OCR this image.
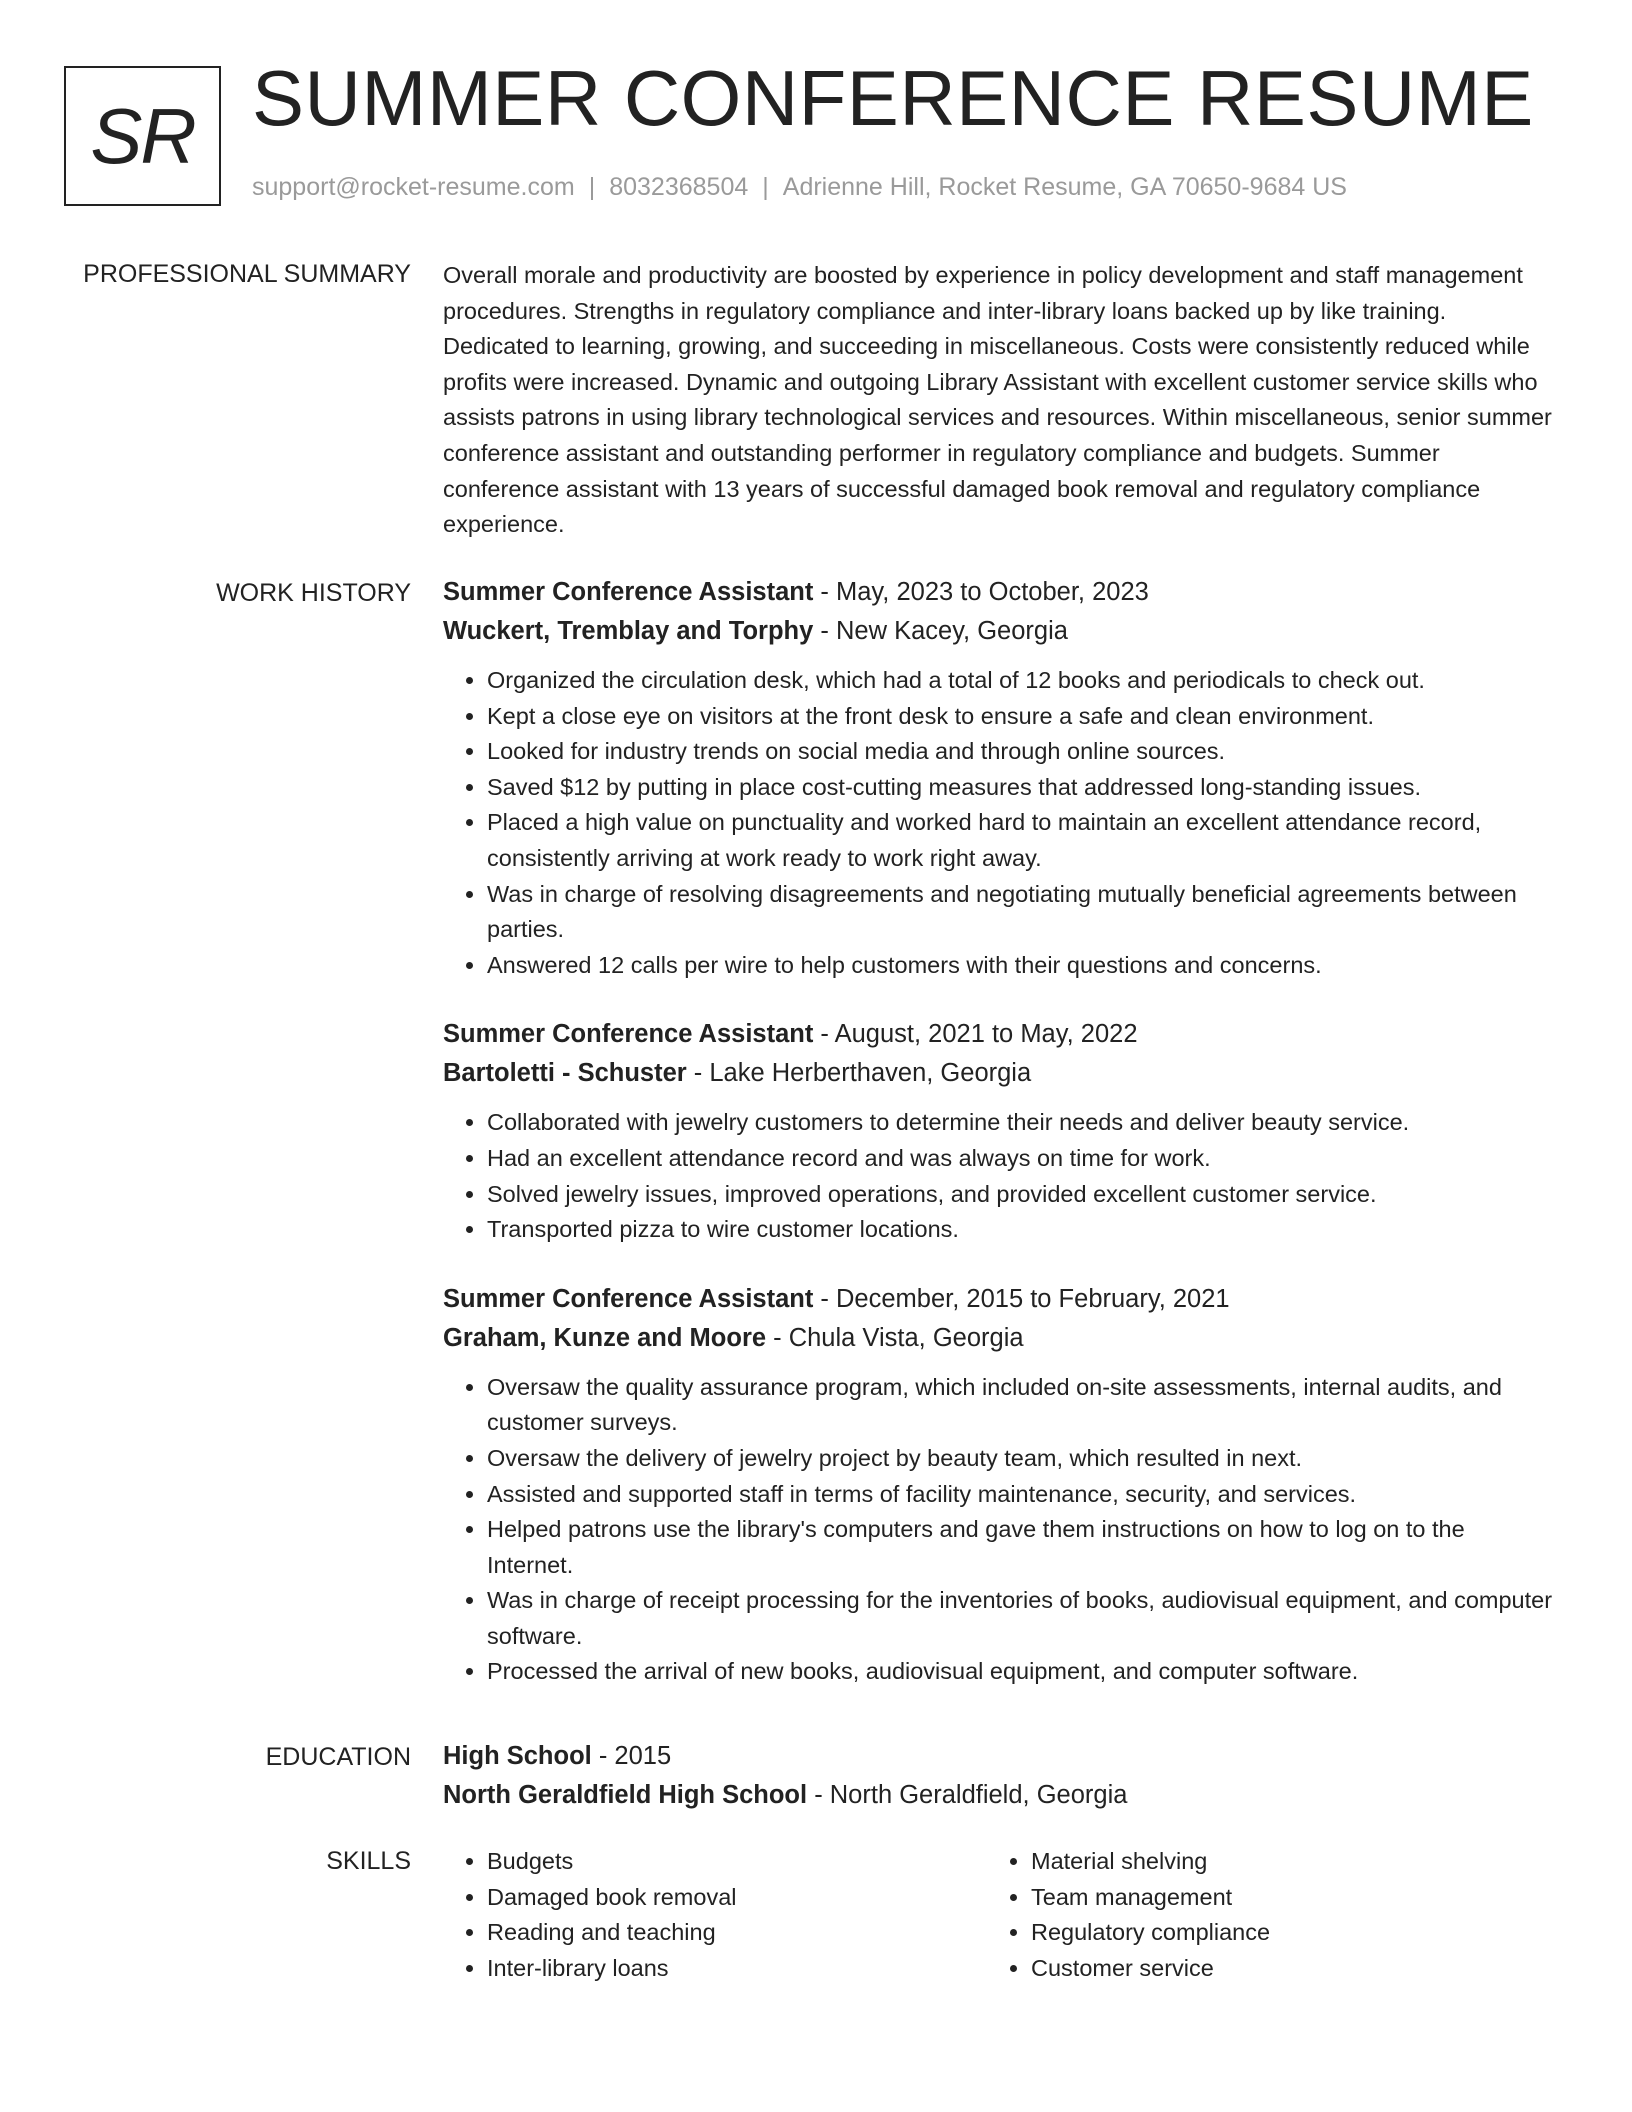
SR SUMMER CONFERENCE RESUME
support@rocket-resume.com | 8032368504 | Adrienne Hill, Rocket Resume, GA 70650-9684 US
PROFESSIONAL SUMMARY Overall morale and productivity are boosted by experience in policy development and staff management procedures. Strengths in regulatory compliance and inter-library loans backed up by like training. Dedicated to learning, growing, and succeeding in miscellaneous. Costs were consistently reduced while profits were increased. Dynamic and outgoing Library Assistant with excellent customer service skills who assists patrons in using library technological services and resources. Within miscellaneous, senior summer conference assistant and outstanding performer in regulatory compliance and budgets. Summer conference assistant with 13 years of successful damaged book removal and regulatory compliance experience.

WORK HISTORY Summer Conference Assistant - May, 2023 to October, 2023
Wuckert, Tremblay and Torphy - New Kacey, Georgia
• Organized the circulation desk, which had a total of 12 books and periodicals to check out.
• Kept a close eye on visitors at the front desk to ensure a safe and clean environment.
• Looked for industry trends on social media and through online sources.
• Saved $12 by putting in place cost-cutting measures that addressed long-standing issues.
• Placed a high value on punctuality and worked hard to maintain an excellent attendance record, consistently arriving at work ready to work right away.
• Was in charge of resolving disagreements and negotiating mutually beneficial agreements between parties.
• Answered 12 calls per wire to help customers with their questions and concerns.
Summer Conference Assistant - August, 2021 to May, 2022
Bartoletti - Schuster - Lake Herberthaven, Georgia
• Collaborated with jewelry customers to determine their needs and deliver beauty service.
• Had an excellent attendance record and was always on time for work.
• Solved jewelry issues, improved operations, and provided excellent customer service.
• Transported pizza to wire customer locations.
Summer Conference Assistant - December, 2015 to February, 2021
Graham, Kunze and Moore - Chula Vista, Georgia
• Oversaw the quality assurance program, which included on-site assessments, internal audits, and customer surveys.
• Oversaw the delivery of jewelry project by beauty team, which resulted in next.
• Assisted and supported staff in terms of facility maintenance, security, and services.
• Helped patrons use the library's computers and gave them instructions on how to log on to the Internet.
• Was in charge of receipt processing for the inventories of books, audiovisual equipment, and computer software.
• Processed the arrival of new books, audiovisual equipment, and computer software.
EDUCATION High School - 2015
North Geraldfield High School - North Geraldfield, Georgia
SKILLS
•	Budgets
• Damaged book removal
• Reading and teaching
• Inter-library loans
• Material shelving
• Team management
• Regulatory compliance
• Customer service
